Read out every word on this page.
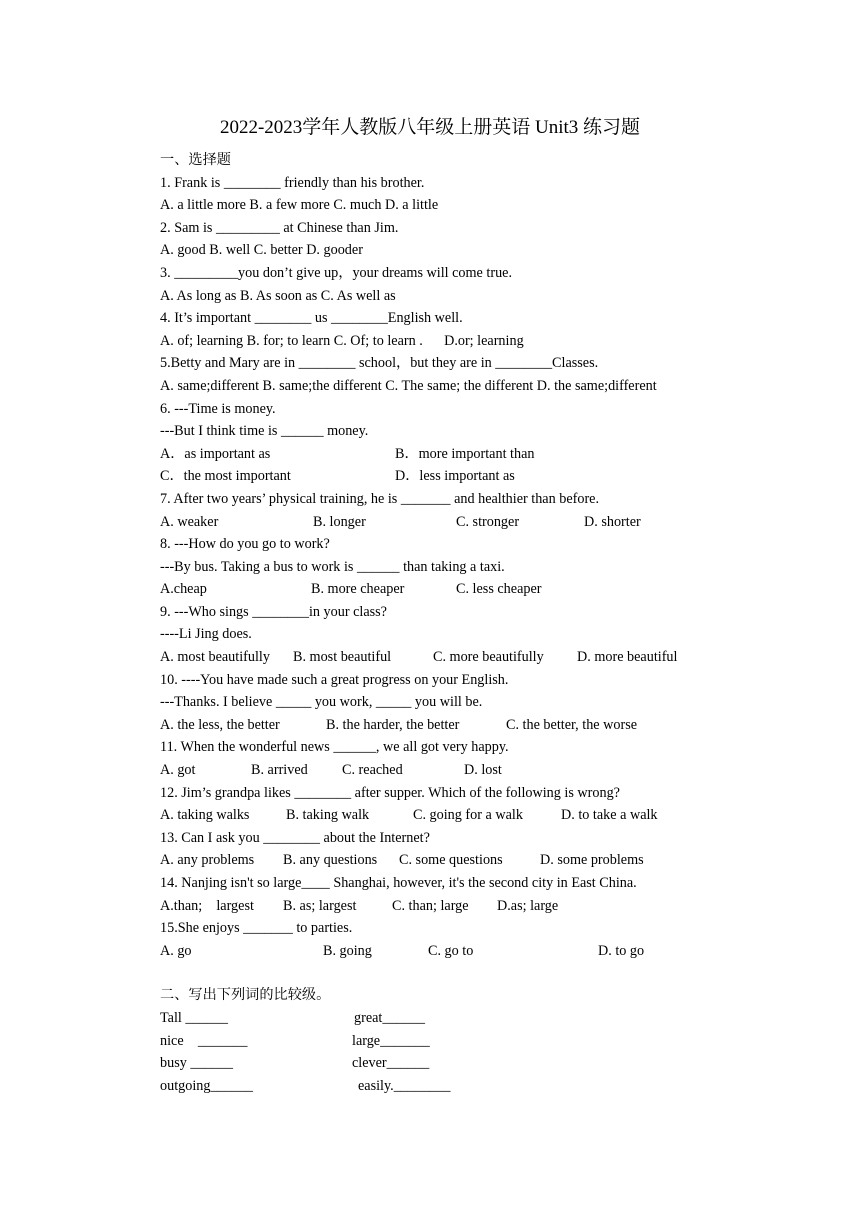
2022-2023学年人教版八年级上册英语 Unit3 练习题
一、选择题
1. Frank is ________ friendly than his brother.
A. a little more B. a few more C. much D. a little
2. Sam is _________ at Chinese than Jim.
A. good B. well C. better D. gooder
3. _________you don’t give up，your dreams will come true.
A. As long as B. As soon as C. As well as
4. It’s important ________ us ________English well.
A. of; learning B. for; to learn C. Of; to learn .      D.or; learning
5.Betty and Mary are in ________ school，but they are in ________Classes.
A. same;different B. same;the different C. The same; the different D. the same;different
6. ---Time is money.
---But I think time is ______ money.
A．as important as	B．more important than
C．the most important	D．less important as
7. After two years’ physical training, he is _______ and healthier than before.
A. weaker	B. longer	C. stronger	D. shorter
8. ---How do you go to work?
---By bus. Taking a bus to work is ______ than taking a taxi.
A.cheap	B. more cheaper	C. less cheaper
9. ---Who sings ________in your class?
----Li Jing does.
A. most beautifully B. most beautiful	C. more beautifully D. more beautiful
10. ----You have made such a great progress on your English.
---Thanks. I believe _____ you work, _____ you will be.
A. the less, the better	B. the harder, the better	C. the better, the worse
11. When the wonderful news ______, we all got very happy.
A. got	B. arrived C. reached	D. lost
12. Jim’s grandpa likes ________ after supper. Which of the following is wrong?
A. taking walks	B. taking walk	C. going for a walk	D. to take a walk
13. Can I ask you ________ about the Internet?
A. any problems B. any questions C. some questions	D. some problems
14. Nanjing isn't so large____ Shanghai, however, it's the second city in East China.
A.than;    largest B. as; largest	C. than; large D.as; large
15.She enjoys _______ to parties.
A. go	B. going	C. go to	D. to go
二、写出下列词的比较级。
Tall ______	great______
nice    _______	large_______
busy ______	clever______
outgoing______	easily.________
